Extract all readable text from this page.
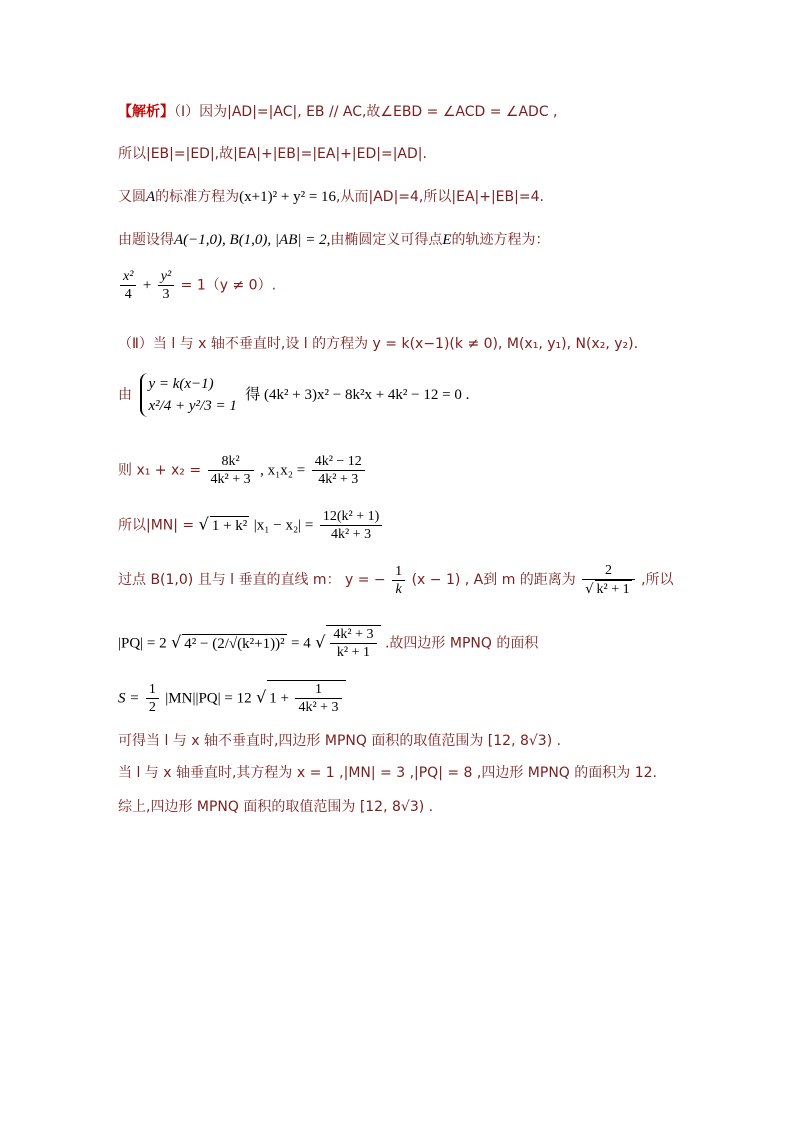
【解析】（Ⅰ）因为|AD|=|AC|, EB // AC,故∠EBD = ∠ACD = ∠ADC ,
所以|EB|=|ED|,故|EA|+|EB|=|EA|+|ED|=|AD|.
又圆A的标准方程为(x+1)² + y² = 16,从而|AD|=4,所以|EA|+|EB|=4.
由题设得A(−1,0), B(1,0), |AB| = 2,由椭圆定义可得点E的轨迹方程为：
$\frac{\text{x²}}{4} + \frac{\text{y²}}{3} = 1(y \ne 0)$.
（Ⅱ）当 l 与 x 轴不垂直时,设 l 的方程为 y = k(x−1)(k ≠ 0), M(x₁, y₁), N(x₂, y₂).
由
y = k(x−1)
x²/4 + y²/3 = 1
得 (4k² + 3)x² − 8k²x + 4k² − 12 = 0 .
则 $x_1 + x_2 = \frac{\text{8k²}}{\text{4k² + 3}}$ , $x_1x_2 = \frac{\text{4k² − 12}}{\text{4k² + 3}}$
所以|MN| = √ 1 + k² $|x_1 - x_2| = \frac{\text{12(k² + 1)}}{\text{4k² + 3}}$
过点 B(1,0) 且与 l 垂直的直线 m： y = − $\frac{1}{k} (x - 1)$ , A到 m 的距离为 $\frac{2}{\text{√ k² + 1}}$ ,所以
|PQ| = 2 √ 4² − (2/√(k²+1))² = 4 √ $\frac{\text{4k² + 3}}{\text{k² + 1}}$ .故四边形 MPNQ 的面积
$S = \frac{1}{2} |MN||PQ| = 12$ √ $1 + \frac{1}{\text{4k² + 3}}$
可得当 l 与 x 轴不垂直时,四边形 MPNQ 面积的取值范围为 [12, 8√3) .
当 l 与 x 轴垂直时,其方程为 x = 1 ,|MN| = 3 ,|PQ| = 8 ,四边形 MPNQ 的面积为 12.
综上,四边形 MPNQ 面积的取值范围为 [12, 8√3) .
